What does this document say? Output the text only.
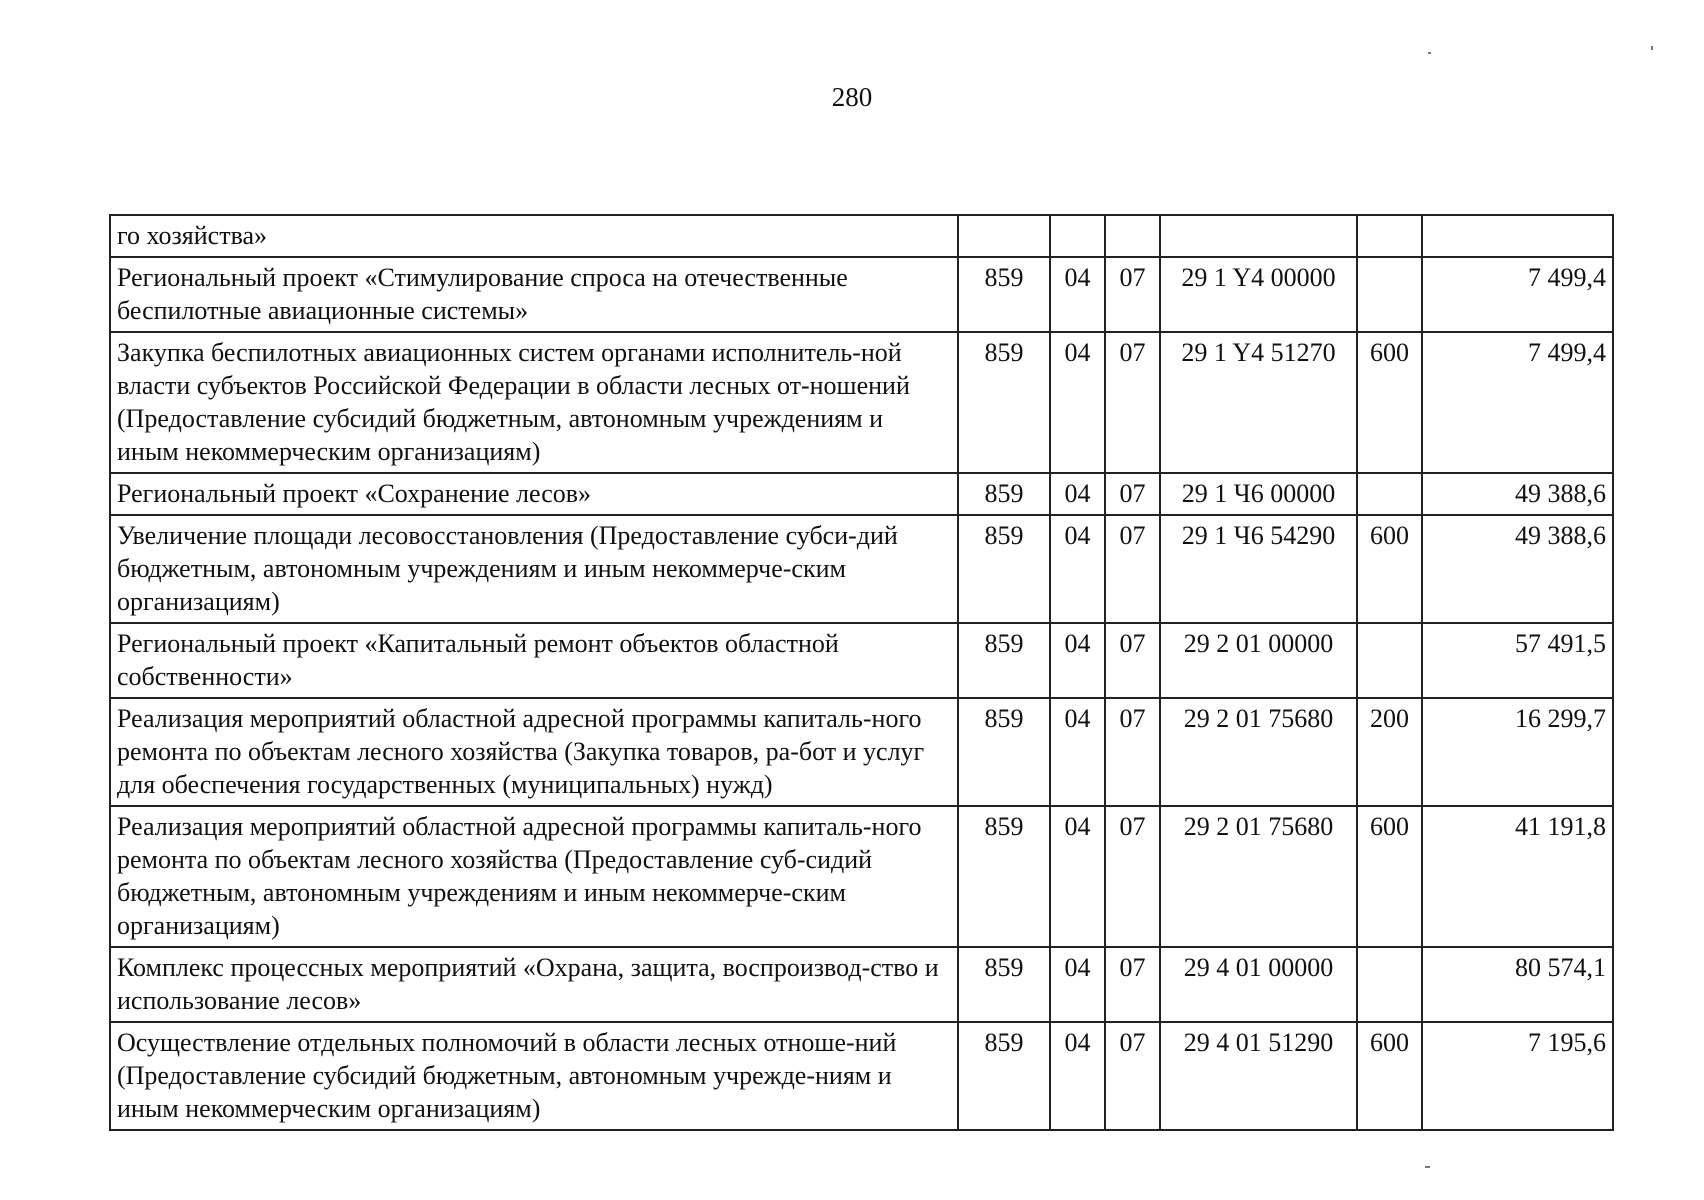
280
го хозяйства»						
Региональный проект «Стимулирование спроса на отечественные беспилотные авиационные системы»	859	04	07	29 1 Y4 00000		7 499,4
Закупка беспилотных авиационных систем органами исполнитель-ной власти субъектов Российской Федерации в области лесных от-ношений (Предоставление субсидий бюджетным, автономным учреждениям и иным некоммерческим организациям)	859	04	07	29 1 Y4 51270	600	7 499,4
Региональный проект «Сохранение лесов»	859	04	07	29 1 Ч6 00000		49 388,6
Увеличение площади лесовосстановления (Предоставление субси-дий бюджетным, автономным учреждениям и иным некоммерче-ским организациям)	859	04	07	29 1 Ч6 54290	600	49 388,6
Региональный проект «Капитальный ремонт объектов областной собственности»	859	04	07	29 2 01 00000		57 491,5
Реализация мероприятий областной адресной программы капиталь-ного ремонта по объектам лесного хозяйства (Закупка товаров, ра-бот и услуг для обеспечения государственных (муниципальных) нужд)	859	04	07	29 2 01 75680	200	16 299,7
Реализация мероприятий областной адресной программы капиталь-ного ремонта по объектам лесного хозяйства (Предоставление суб-сидий бюджетным, автономным учреждениям и иным некоммерче-ским организациям)	859	04	07	29 2 01 75680	600	41 191,8
Комплекс процессных мероприятий «Охрана, защита, воспроизвод-ство и использование лесов»	859	04	07	29 4 01 00000		80 574,1
Осуществление отдельных полномочий в области лесных отноше-ний (Предоставление субсидий бюджетным, автономным учрежде-ниям и иным некоммерческим организациям)	859	04	07	29 4 01 51290	600	7 195,6
